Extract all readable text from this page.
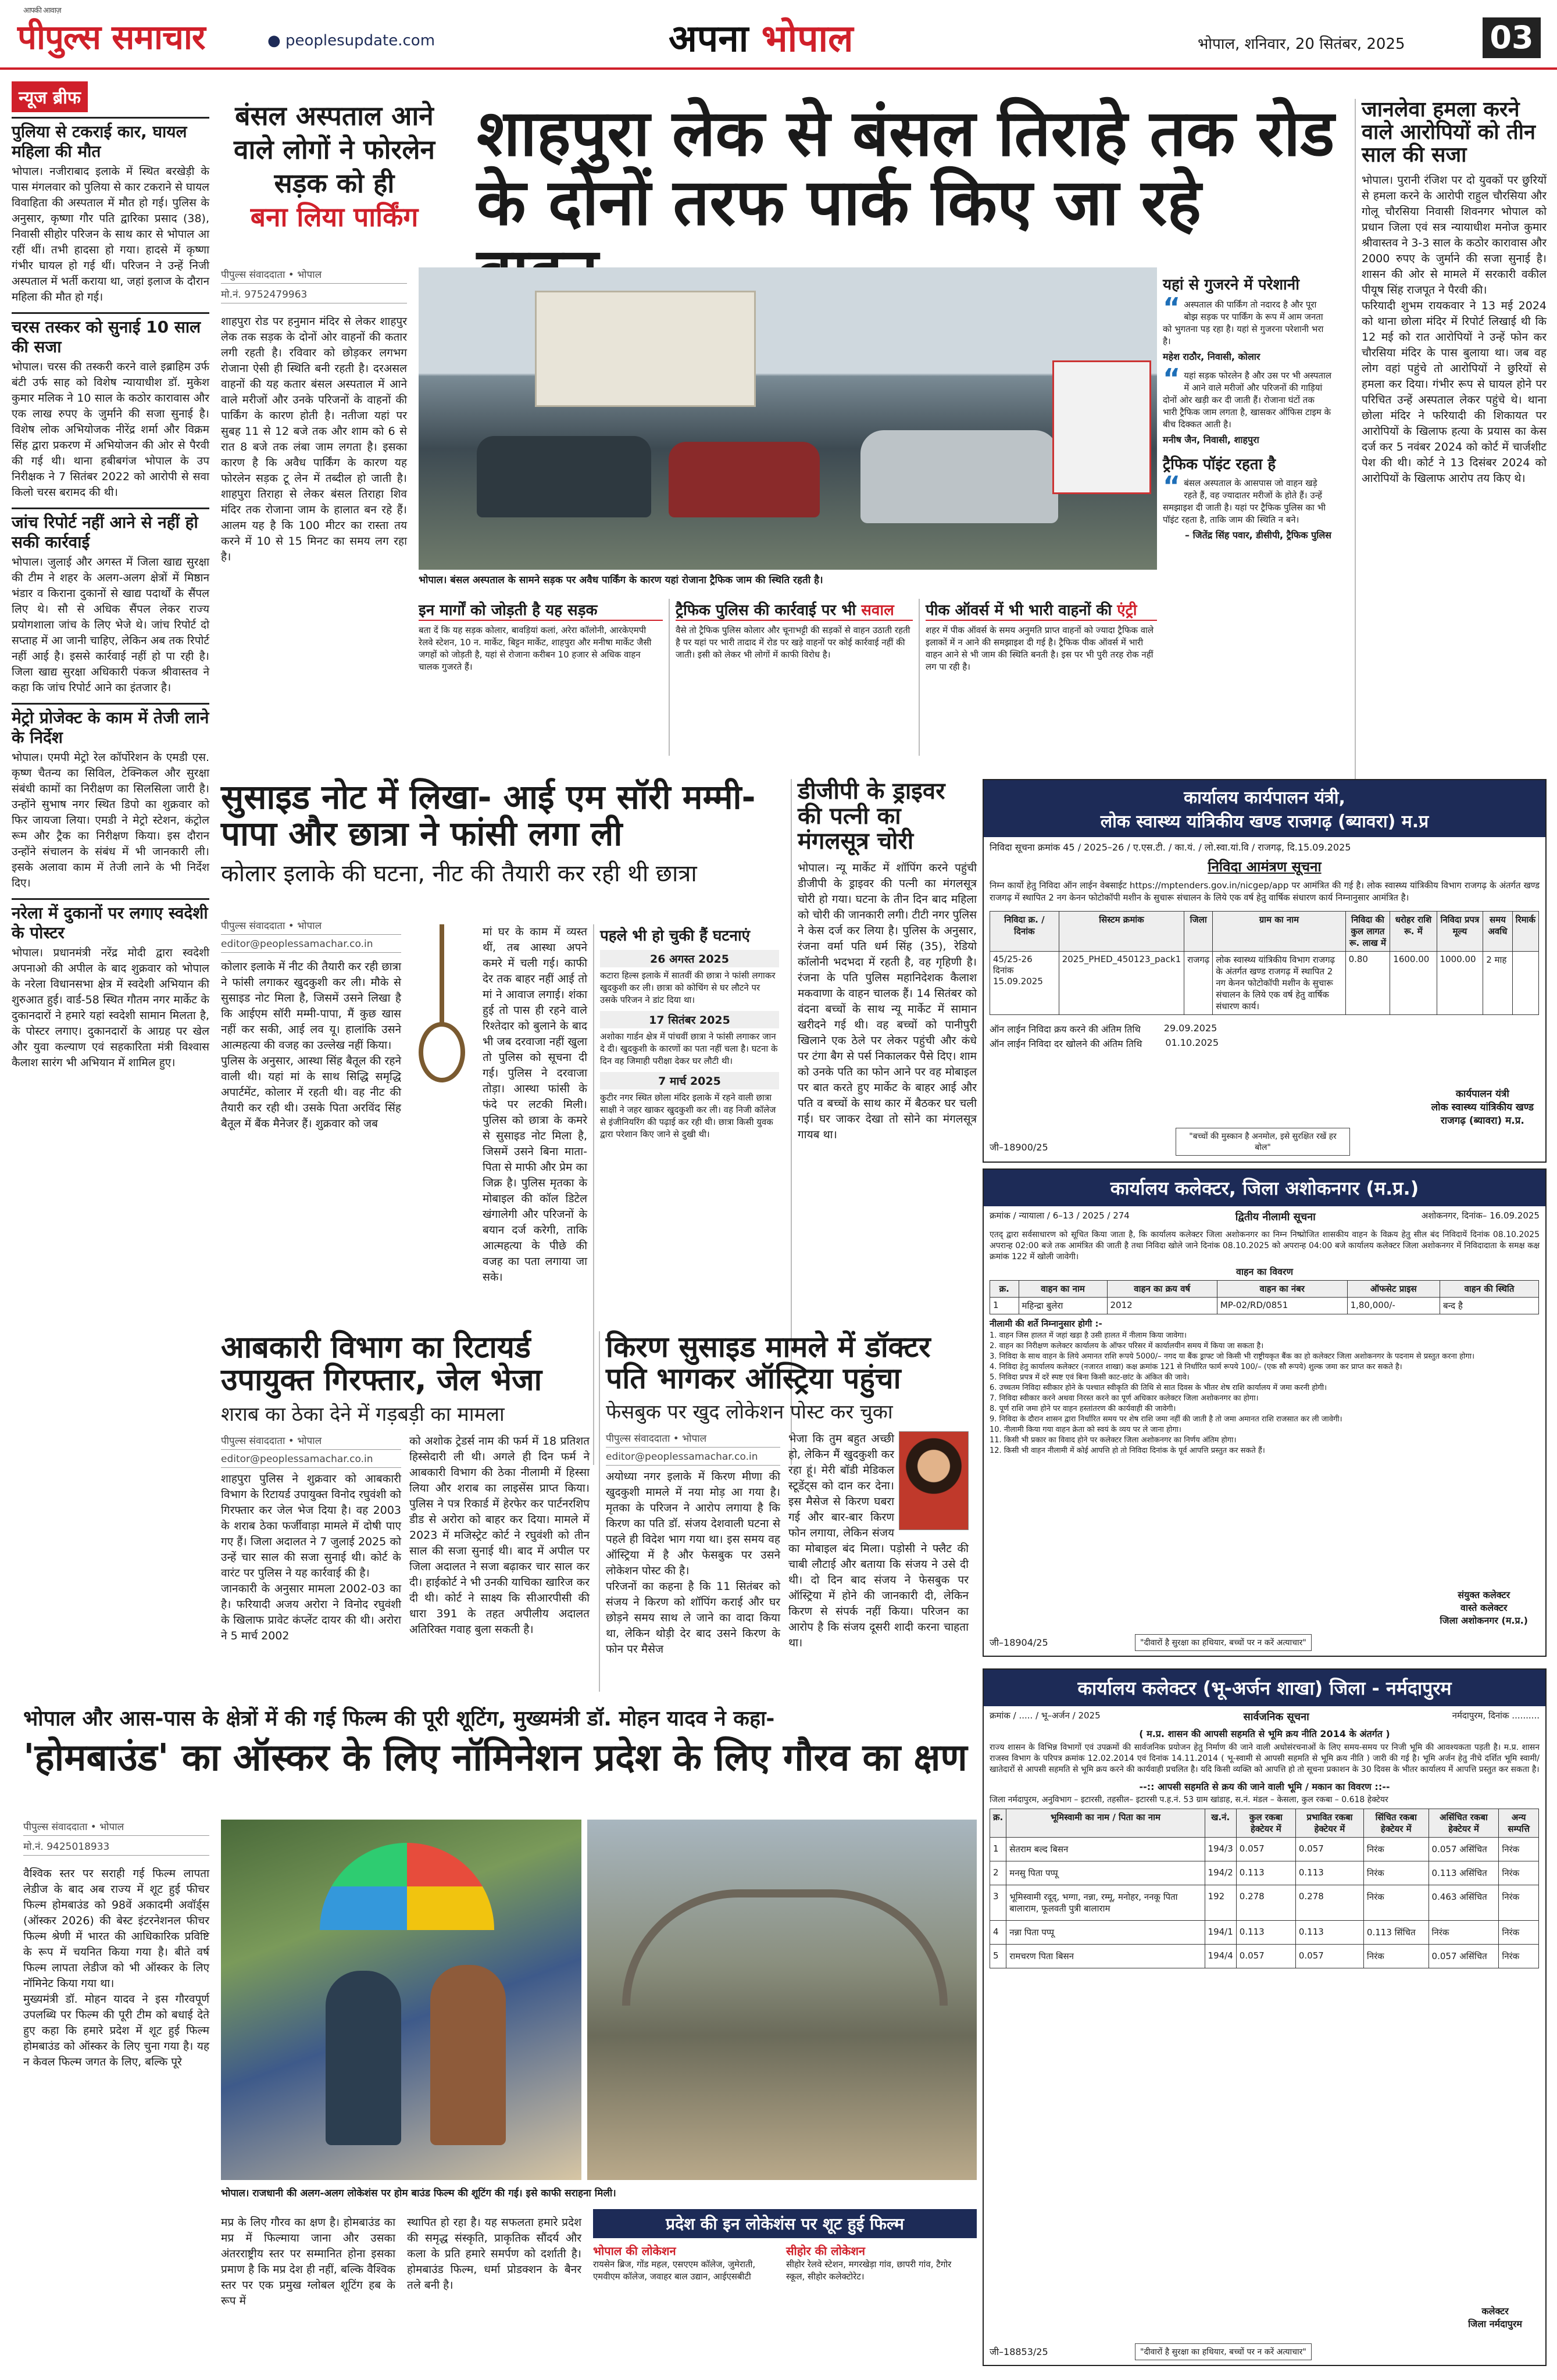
आपकी आवाज़
पीपुल्स समाचार	● peoplesupdate.com	अपना भोपाल	भोपाल, शनिवार, 20 सितंबर, 2025	03
न्यूज ब्रीफ
पुलिया से टकराई कार, घायल महिला की मौत
भोपाल। नजीराबाद इलाके में स्थित बरखेड़ी के पास मंगलवार को पुलिया से कार टकराने से घायल विवाहिता की अस्पताल में मौत हो गई। पुलिस के अनुसार, कृष्णा गौर पति द्वारिका प्रसाद (38), निवासी सीहोर परिजन के साथ कार से भोपाल आ रहीं थीं। तभी हादसा हो गया। हादसे में कृष्णा गंभीर घायल हो गई थीं। परिजन ने उन्हें निजी अस्पताल में भर्ती कराया था, जहां इलाज के दौरान महिला की मौत हो गई।
चरस तस्कर को सुनाई 10 साल की सजा
भोपाल। चरस की तस्करी करने वाले इब्राहिम उर्फ बंटी उर्फ साह को विशेष न्यायाधीश डॉ. मुकेश कुमार मलिक ने 10 साल के कठोर कारावास और एक लाख रुपए के जुर्माने की सजा सुनाई है। विशेष लोक अभियोजक नीरेंद्र शर्मा और विक्रम सिंह द्वारा प्रकरण में अभियोजन की ओर से पैरवी की गई थी। थाना हबीबगंज भोपाल के उप निरीक्षक ने 7 सितंबर 2022 को आरोपी से सवा किलो चरस बरामद की थी।
जांच रिपोर्ट नहीं आने से नहीं हो सकी कार्रवाई
भोपाल। जुलाई और अगस्त में जिला खाद्य सुरक्षा की टीम ने शहर के अलग-अलग क्षेत्रों में मिष्ठान भंडार व किराना दुकानों से खाद्य पदार्थों के सैंपल लिए थे। सौ से अधिक सैंपल लेकर राज्य प्रयोगशाला जांच के लिए भेजे थे। जांच रिपोर्ट दो सप्ताह में आ जानी चाहिए, लेकिन अब तक रिपोर्ट नहीं आई है। इससे कार्रवाई नहीं हो पा रही है। जिला खाद्य सुरक्षा अधिकारी पंकज श्रीवास्तव ने कहा कि जांच रिपोर्ट आने का इंतजार है।
मेट्रो प्रोजेक्ट के काम में तेजी लाने के निर्देश
भोपाल। एमपी मेट्रो रेल कॉर्पोरेशन के एमडी एस. कृष्ण चैतन्य का सिविल, टेक्निकल और सुरक्षा संबंधी कामों का निरीक्षण का सिलसिला जारी है। उन्होंने सुभाष नगर स्थित डिपो का शुक्रवार को फिर जायजा लिया। एमडी ने मेट्रो स्टेशन, कंट्रोल रूम और ट्रैक का निरीक्षण किया। इस दौरान उन्होंने संचालन के संबंध में भी जानकारी ली। इसके अलावा काम में तेजी लाने के भी निर्देश दिए।
नरेला में दुकानों पर लगाए स्वदेशी के पोस्टर
भोपाल। प्रधानमंत्री नरेंद्र मोदी द्वारा स्वदेशी अपनाओ की अपील के बाद शुक्रवार को भोपाल के नरेला विधानसभा क्षेत्र में स्वदेशी अभियान की शुरुआत हुई। वार्ड-58 स्थित गौतम नगर मार्केट के दुकानदारों ने हमारे यहां स्वदेशी सामान मिलता है, के पोस्टर लगाए। दुकानदारों के आग्रह पर खेल और युवा कल्याण एवं सहकारिता मंत्री विश्वास कैलाश सारंग भी अभियान में शामिल हुए।
बंसल अस्पताल आने वाले लोगों ने फोरलेन सड़क को ही
बना लिया पार्किंग
शाहपुरा लेक से बंसल तिराहे तक रोड के दोनों तरफ पार्क किए जा रहे
पीपुल्स संवाददाता • भोपाल
मो.नं. 9752479963
शाहपुरा रोड पर हनुमान मंदिर से लेकर शाहपुर लेक तक सड़क के दोनों ओर वाहनों की कतार लगी रहती है। रविवार को छोड़कर लगभग रोजाना ऐसी ही स्थिति बनी रहती है। दरअसल वाहनों की यह कतार बंसल अस्पताल में आने वाले मरीजों और उनके परिजनों के वाहनों की पार्किंग के कारण होती है। नतीजा यहां पर सुबह 11 से 12 बजे तक और शाम को 6 से रात 8 बजे तक लंबा जाम लगता है। इसका कारण है कि अवैध पार्किंग के कारण यह फोरलेन सड़क टू लेन में तब्दील हो जाती है। शाहपुरा तिराहा से लेकर बंसल तिराहा शिव मंदिर तक रोजाना जाम के हालात बन रहे हैं। आलम यह है कि 100 मीटर का रास्ता तय करने में 10 से 15 मिनट का समय लग रहा है।
भोपाल। बंसल अस्पताल के सामने सड़क पर अवैध पार्किंग के कारण यहां रोजाना ट्रैफिक जाम की स्थिति रहती है।
यहां से गुजरने में परेशानी
“ अस्पताल की पार्किंग तो नदारद है और पूरा बोझ सड़क पर पार्किंग के रूप में आम जनता को भुगतना पड़ रहा है। यहां से गुजरना परेशानी भरा है।
महेश राठौर, निवासी, कोलार
“ यहां सड़क फोरलेन है और उस पर भी अस्पताल में आने वाले मरीजों और परिजनों की गाड़ियां दोनों ओर खड़ी कर दी जाती हैं। रोजाना घंटों तक भारी ट्रैफिक जाम लगता है, खासकर ऑफिस टाइम के बीच दिक्कत आती है।
मनीष जैन, निवासी, शाहपुरा
ट्रैफिक पॉइंट रहता है
“ बंसल अस्पताल के आसपास जो वाहन खड़े रहते हैं, वह ज्यादातर मरीजों के होते हैं। उन्हें समझाइश दी जाती है। यहां पर ट्रैफिक पुलिस का भी पॉइंट रहता है, ताकि जाम की स्थिति न बने।
– जितेंद्र सिंह पवार, डीसीपी, ट्रैफिक पुलिस
इन मार्गों को जोड़ती है यह सड़क
बता दें कि यह सड़क कोलार, बावड़ियां कलां, अरेरा कॉलोनी, आरकेएमपी रेलवे स्टेशन, 10 न. मार्केट, बिट्टन मार्केट, शाहपुरा और मनीषा मार्केट जैसी जगहों को जोड़ती है, यहां से रोजाना करीबन 10 हजार से अधिक वाहन चालक गुजरते हैं।
ट्रैफिक पुलिस की कार्रवाई पर भी सवाल
वैसे तो ट्रैफिक पुलिस कोलार और चूनाभट्टी की सड़कों से वाहन उठाती रहती है पर यहां पर भारी तादाद में रोड पर खड़े वाहनों पर कोई कार्रवाई नहीं की जाती। इसी को लेकर भी लोगों में काफी विरोध है।
पीक ऑवर्स में भी भारी वाहनों की एंट्री
शहर में पीक ऑवर्स के समय अनुमति प्राप्त वाहनों को ज्यादा ट्रैफिक वाले इलाकों में न आने की समझाइश दी गई है। ट्रैफिक पीक ऑवर्स में भारी वाहन आने से भी जाम की स्थिति बनती है। इस पर भी पुरी तरह रोक नहीं लग पा रही है।
जानलेवा हमला करने वाले आरोपियों को तीन साल की सजा
भोपाल। पुरानी रंजिश पर दो युवकों पर छुरियों से हमला करने के आरोपी राहुल चौरसिया और गोलू चौरसिया निवासी शिवनगर भोपाल को प्रधान जिला एवं सत्र न्यायाधीश मनोज कुमार श्रीवास्तव ने 3-3 साल के कठोर कारावास और 2000 रुपए के जुर्माने की सजा सुनाई है। शासन की ओर से मामले में सरकारी वकील पीयूष सिंह राजपूत ने पैरवी की।
फरियादी शुभम रायकवार ने 13 मई 2024 को थाना छोला मंदिर में रिपोर्ट लिखाई थी कि 12 मई को रात आरोपियों ने उन्हें फोन कर चौरसिया मंदिर के पास बुलाया था। जब वह लोग वहां पहुंचे तो आरोपियों ने छुरियों से हमला कर दिया। गंभीर रूप से घायल होने पर परिचित उन्हें अस्पताल लेकर पहुंचे थे। थाना छोला मंदिर ने फरियादी की शिकायत पर आरोपियों के खिलाफ हत्या के प्रयास का केस दर्ज कर 5 नवंबर 2024 को कोर्ट में चार्जशीट पेश की थी। कोर्ट ने 13 दिसंबर 2024 को आरोपियों के खिलाफ आरोप तय किए थे।
सुसाइड नोट में लिखा- आई एम सॉरी मम्मी-पापा और छात्रा ने फांसी लगा ली
कोलार इलाके की घटना, नीट की तैयारी कर रही थी छात्रा
पीपुल्स संवाददाता • भोपाल
editor@peoplessamachar.co.in
कोलार इलाके में नीट की तैयारी कर रही छात्रा ने फांसी लगाकर खुदकुशी कर ली। मौके से सुसाइड नोट मिला है, जिसमें उसने लिखा है कि आईएम सॉरी मम्मी-पापा, मैं कुछ खास नहीं कर सकी, आई लव यू। हालांकि उसने आत्महत्या की वजह का उल्लेख नहीं किया।
पुलिस के अनुसार, आस्था सिंह बैतूल की रहने वाली थी। यहां मां के साथ सिद्धि समृद्धि अपार्टमेंट, कोलार में रहती थी। वह नीट की तैयारी कर रही थी। उसके पिता अरविंद सिंह बैतूल में बैंक मैनेजर हैं। शुक्रवार को जब
मां घर के काम में व्यस्त थीं, तब आस्था अपने कमरे में चली गई। काफी देर तक बाहर नहीं आई तो मां ने आवाज लगाई। शंका हुई तो पास ही रहने वाले रिश्तेदार को बुलाने के बाद भी जब दरवाजा नहीं खुला तो पुलिस को सूचना दी गई। पुलिस ने दरवाजा तोड़ा। आस्था फांसी के फंदे पर लटकी मिली। पुलिस को छात्रा के कमरे से सुसाइड नोट मिला है, जिसमें उसने बिना माता-पिता से माफी और प्रेम का जिक्र है। पुलिस मृतका के मोबाइल की कॉल डिटेल खंगालेगी और परिजनों के बयान दर्ज करेगी, ताकि आत्महत्या के पीछे की वजह का पता लगाया जा सके।
पहले भी हो चुकी हैं घटनाएं
26 अगस्त 2025
कटारा हिल्स इलाके में सातवीं की छात्रा ने फांसी लगाकर खुदकुशी कर ली। छात्रा को कोचिंग से घर लौटने पर उसके परिजन ने डांट दिया था।
17 सितंबर 2025
अशोका गार्डन क्षेत्र में पांचवीं छात्रा ने फांसी लगाकर जान दे दी। खुदकुशी के कारणों का पता नहीं चला है। घटना के दिन वह जिमाही परीक्षा देकर घर लौटी थी।
7 मार्च 2025
कुटीर नगर स्थित छोला मंदिर इलाके में रहने वाली छात्रा साक्षी ने जहर खाकर खुदकुशी कर ली। वह निजी कॉलेज से इंजीनियरिंग की पढ़ाई कर रही थी। छात्रा किसी युवक द्वारा परेशान किए जाने से दुखी थी।
डीजीपी के ड्राइवर की पत्नी का मंगलसूत्र चोरी
भोपाल। न्यू मार्केट में शॉपिंग करने पहुंची डीजीपी के ड्राइवर की पत्नी का मंगलसूत्र चोरी हो गया। घटना के तीन दिन बाद महिला को चोरी की जानकारी लगी। टीटी नगर पुलिस ने केस दर्ज कर लिया है। पुलिस के अनुसार, रंजना वर्मा पति धर्म सिंह (35), रेडियो कॉलोनी भदभदा में रहती है, वह गृहिणी है। रंजना के पति पुलिस महानिदेशक कैलाश मकवाणा के वाहन चालक हैं। 14 सितंबर को वंदना बच्चों के साथ न्यू मार्केट में सामान खरीदने गई थी। वह बच्चों को पानीपुरी खिलाने एक ठेले पर लेकर पहुंची और कंधे पर टंगा बैग से पर्स निकालकर पैसे दिए। शाम को उनके पति का फोन आने पर वह मोबाइल पर बात करते हुए मार्केट के बाहर आई और पति व बच्चों के साथ कार में बैठकर घर चली गई। घर जाकर देखा तो सोने का मंगलसूत्र गायब था।
कार्यालय कार्यपालन यंत्री,
लोक स्वास्थ्य यांत्रिकीय खण्ड राजगढ़ (ब्यावरा) म.प्र
निविदा सूचना क्रमांक 45 / 2025–26 / ए.एस.टी. / का.यं. / लो.स्वा.यां.वि / राजगढ़, दि.15.09.2025
निविदा आमंत्रण सूचना
निम्न कार्यो हेतु निविदा ऑन लाईन वेबसाईट https://mptenders.gov.in/nicgep/app पर आमंत्रित की गई है। लोक स्वास्थ्य यांत्रिकीय विभाग राजगढ़ के अंतर्गत खण्ड राजगढ़ में स्थापित 2 नग केनन फोटोकॉपी मशीन के सुचारू संचालन के लिये एक वर्ष हेतु वार्षिक संधारण कार्य निम्नानुसार आमंत्रित है।
निविदा क्र. / दिनांक	सिस्टम क्रमांक	जिला	ग्राम का नाम	निविदा की कुल लागत रू. लाख में	धरोहर राशि रू. में	निविदा प्रपत्र मूल्य	समय अवधि	रिमार्क
45/25-26 दिनांक 15.09.2025	2025_PHED_450123_pack1	राजगढ़	लोक स्वास्थ्य यांत्रिकीय विभाग राजगढ़ के अंतर्गत खण्ड राजगढ़ में स्थापित 2 नग केनन फोटोकॉपी मशीन के सुचारू संचालन के लिये एक वर्ष हेतु वार्षिक संधारण कार्य।	0.80	1600.00	1000.00	2 माह	
ऑन लाईन निविदा क्रय करने की अंतिम तिथि	29.09.2025
ऑन लाईन निविदा दर खोलने की अंतिम तिथि	01.10.2025
कार्यपालन यंत्री
लोक स्वास्थ्य यांत्रिकीय खण्ड
राजगढ़ (ब्यावरा) म.प्र.
जी–18900/25
"बच्चों की मुस्कान है अनमोल, इसे सुरक्षित रखें हर बोल"
कार्यालय कलेक्टर, जिला अशोकनगर (म.प्र.)
क्रमांक / न्यायाला / 6–13 / 2025 / 274	द्वितीय नीलामी सूचना	अशोकनगर, दिनांक– 16.09.2025
एतद् द्वारा सर्वसाधारण को सूचित किया जाता है, कि कार्यालय कलेक्टर जिला अशोकनगर का निम्न निष्प्रोजित शासकीय वाहन के विक्रय हेतु सील बंद निविदायें दिनांक 08.10.2025 अपरान्ह 02:00 बजे तक आमंत्रित की जाती है तथा निविदा खोले जाने दिनांक 08.10.2025 को अपरान्ह 04:00 बजे कार्यालय कलेक्टर जिला अशोकनगर में निविदादाता के समक्ष कक्ष क्रमांक 122 में खोली जावेगी।
वाहन का विवरण
क्र.	वाहन का नाम	वाहन का क्रय वर्ष	वाहन का नंबर	ऑफसेट प्राइस	वाहन की स्थिति
1	महिन्द्रा बुलेरा	2012	MP-02/RD/0851	1,80,000/-	बन्द है
नीलामी की शर्ते निम्नानुसार होगी :-
1. वाहन जिस हालत में जहां खड़ा है उसी हालत में नीलाम किया जावेगा।
2. वाहन का निरीक्षण कलेक्टर कार्यालय के ऑफर परिसर में कार्यालयीन समय में किया जा सकता है।
3. निविदा के साथ वाहन के लिये अमानत राशि रूपये 5000/– नगद या बैंक ड्राफ्ट जो किसी भी राष्ट्रीयकृत बैंक का हो कलेक्टर जिला अशोकनगर के पदनाम से प्रस्तुत करना होगा।
4. निविदा हेतु कार्यालय कलेक्टर (नजारत शाखा) कक्ष क्रमांक 121 से निर्धारित फार्म रूपये 100/– (एक सौ रूपये) शुल्क जमा कर प्राप्त कर सकते है।
5. निविदा प्रपत्र में दरें स्पष्ट एवं बिना किसी काट-छांट के अंकित की जावे।
6. उच्चतम निविदा स्वीकार होने के पश्चात स्वीकृति की तिथि से सात दिवस के भीतर शेष राशि कार्यालय में जमा करनी होगी।
7. निविदा स्वीकार करने अथवा निरस्त करने का पूर्ण अधिकार कलेक्टर जिला अशोकनगर का होगा।
8. पूर्ण राशि जमा होने पर वाहन हस्तांतरण की कार्यवाही की जावेगी।
9. निविदा के दौरान शासन द्वारा निर्धारित समय पर शेष राशि जमा नहीं की जाती है तो जमा अमानत राशि राजसात कर ली जावेगी।
10. नीलामी किया गया वाहन क्रेता को स्वयं के व्यय पर ले जाना होगा।
11. किसी भी प्रकार का विवाद होने पर कलेक्टर जिला अशोकनगर का निर्णय अंतिम होगा।
12. किसी भी वाहन नीलामी में कोई आपत्ति हो तो निविदा दिनांक के पूर्व आपत्ति प्रस्तुत कर सकते हैं।
संयुक्त कलेक्टर
वास्ते कलेक्टर
जिला अशोकनगर (म.प्र.)
जी–18904/25	"दीवारों है सुरक्षा का हथियार, बच्चों पर न करें अत्याचार"
आबकारी विभाग का रिटायर्ड उपायुक्त गिरफ्तार, जेल भेजा
शराब का ठेका देने में गड़बड़ी का मामला
पीपुल्स संवाददाता • भोपाल
editor@peoplessamachar.co.in
शाहपुरा पुलिस ने शुक्रवार को आबकारी विभाग के रिटायर्ड उपायुक्त विनोद रघुवंशी को गिरफ्तार कर जेल भेज दिया है। वह 2003 के शराब ठेका फर्जीवाड़ा मामले में दोषी पाए गए हैं। जिला अदालत ने 7 जुलाई 2025 को उन्हें चार साल की सजा सुनाई थी। कोर्ट के वारंट पर पुलिस ने यह कार्रवाई की है।
जानकारी के अनुसार मामला 2002-03 का है। फरियादी अजय अरोरा ने विनोद रघुवंशी के खिलाफ प्रावेट कंप्लेंट दायर की थी। अरोरा ने 5 मार्च 2002
को अशोक ट्रेडर्स नाम की फर्म में 18 प्रतिशत हिस्सेदारी ली थी। अगले ही दिन फर्म ने आबकारी विभाग की ठेका नीलामी में हिस्सा लिया और शराब का लाइसेंस प्राप्त किया। पुलिस ने पत्र रिकार्ड में हेरफेर कर पार्टनरशिप डीड से अरोरा को बाहर कर दिया। मामले में 2023 में मजिस्ट्रेट कोर्ट ने रघुवंशी को तीन साल की सजा सुनाई थी। बाद में अपील पर जिला अदालत ने सजा बढ़ाकर चार साल कर दी। हाईकोर्ट ने भी उनकी याचिका खारिज कर दी थी। कोर्ट ने साक्ष्य कि सीआरपीसी की धारा 391 के तहत अपीलीय अदालत अतिरिक्त गवाह बुला सकती है।
किरण सुसाइड मामले में डॉक्टर पति भागकर ऑस्ट्रिया पहुंचा
फेसबुक पर खुद लोकेशन पोस्ट कर चुका
पीपुल्स संवाददाता • भोपाल
editor@peoplessamachar.co.in
अयोध्या नगर इलाके में किरण मीणा की खुदकुशी मामले में नया मोड़ आ गया है। मृतका के परिजन ने आरोप लगाया है कि किरण का पति डॉ. संजय देशवाली घटना से पहले ही विदेश भाग गया था। इस समय वह ऑस्ट्रिया में है और फेसबुक पर उसने लोकेशन पोस्ट की है।
परिजनों का कहना है कि 11 सितंबर को संजय ने किरण को शॉपिंग कराई और घर छोड़ने समय साथ ले जाने का वादा किया था, लेकिन थोड़ी देर बाद उसने किरण के फोन पर मैसेज
भेजा कि तुम बहुत अच्छी हो, लेकिन मैं खुदकुशी कर रहा हूं। मेरी बॉडी मेडिकल स्टूडेंट्स को दान कर देना। इस मैसेज से किरण घबरा गई और बार-बार किरण फोन लगाया, लेकिन संजय का मोबाइल बंद मिला। पड़ोसी ने फ्लैट की चाबी लौटाई और बताया कि संजय ने उसे दी थी। दो दिन बाद संजय ने फेसबुक पर ऑस्ट्रिया में होने की जानकारी दी, लेकिन किरण से संपर्क नहीं किया। परिजन का आरोप है कि संजय दूसरी शादी करना चाहता था।
भोपाल और आस-पास के क्षेत्रों में की गई फिल्म की पूरी शूटिंग, मुख्यमंत्री डॉ. मोहन यादव ने कहा-
'होमबाउंड' का ऑस्कर के लिए नॉमिनेशन प्रदेश के लिए गौरव का क्षण
पीपुल्स संवाददाता • भोपाल
मो.नं. 9425018933
वैश्विक स्तर पर सराही गई फिल्म लापता लेडीज के बाद अब राज्य में शूट हुई फीचर फिल्म होमबाउंड को 98वें अकादमी अवॉर्ड्स (ऑस्कर 2026) की बेस्ट इंटरनेशनल फीचर फिल्म श्रेणी में भारत की आधिकारिक प्रविष्टि के रूप में चयनित किया गया है। बीते वर्ष फिल्म लापता लेडीज को भी ऑस्कर के लिए नॉमिनेट किया गया था।
मुख्यमंत्री डॉ. मोहन यादव ने इस गौरवपूर्ण उपलब्धि पर फिल्म की पूरी टीम को बधाई देते हुए कहा कि हमारे प्रदेश में शूट हुई फिल्म होमबाउंड को ऑस्कर के लिए चुना गया है। यह न केवल फिल्म जगत के लिए, बल्कि पूरे
भोपाल। राजधानी की अलग-अलग लोकेशंस पर होम बाउंड फिल्म की शूटिंग की गई। इसे काफी सराहना मिली।
मप्र के लिए गौरव का क्षण है। होमबाउंड का मप्र में फिल्माया जाना और उसका अंतरराष्ट्रीय स्तर पर सम्मानित होना इसका प्रमाण है कि मप्र देश ही नहीं, बल्कि वैश्विक स्तर पर एक प्रमुख ग्लोबल शूटिंग हब के रूप में
स्थापित हो रहा है। यह सफलता हमारे प्रदेश की समृद्ध संस्कृति, प्राकृतिक सौंदर्य और कला के प्रति हमारे समर्पण को दर्शाती है। होमबाउंड फिल्म, धर्मा प्रोडक्शन के बैनर तले बनी है।
प्रदेश की इन लोकेशंस पर शूट हुई फिल्म
भोपाल की लोकेशन
रायसेन ब्रिज, गोंड महल, एसएएम कॉलेज, जुमेराती, एमवीएम कॉलेज, जवाहर बाल उद्यान, आईएसबीटी
सीहोर की लोकेशन
सीहोर रेलवे स्टेशन, मगरखेड़ा गांव, छापरी गांव, टैगोर स्कूल, सीहोर कलेक्टोरेट।
कार्यालय कलेक्टर (भू-अर्जन शाखा) जिला - नर्मदापुरम
क्रमांक / ..... / भू–अर्जन / 2025	सार्वजनिक सूचना	नर्मदापुरम, दिनांक ..........
( म.प्र. शासन की आपसी सहमति से भूमि क्रय नीति 2014 के अंतर्गत )
राज्य शासन के विभिन्न विभागों एवं उपक्रमों की सार्वजनिक प्रयोजन हेतु निर्माण की जाने वाली अधोसंरचनाओं के लिए समय-समय पर निजी भूमि की आवश्यकता पड़ती है। म.प्र. शासन राजस्व विभाग के परिपत्र क्रमांक 12.02.2014 एवं दिनांक 14.11.2014 ( भू-स्वामी से आपसी सहमति से भूमि क्रय नीति ) जारी की गई है। भूमि अर्जन हेतु नीचे दर्शित भूमि स्वामी/खातेदारों से आपसी सहमति से भूमि क्रय करने की कार्यवाही प्रचलित है। यदि किसी व्यक्ति को आपत्ति हो तो सूचना प्रकाशन के 30 दिवस के भीतर कार्यालय में आपत्ति प्रस्तुत कर सकता है।
--:: आपसी सहमति से क्रय की जाने वाली भूमि / मकान का विवरण ::--
जिला नर्मदापुरम, अनुविभाग – इटारसी, तहसील– इटारसी प.ह.नं. 53 ग्राम खांडाह, स.नं. मंडल – केसला, कुल रकबा – 0.618 हेक्टेयर
क्र.	भूमिस्वामी का नाम / पिता का नाम	ख.नं.	कुल रकबा हेक्टेयर में	प्रभावित रकबा हेक्टेयर में	सिंचित रकबा हेक्टेयर में	असिंचित रकबा हेक्टेयर में	अन्य सम्पत्ति
1	सेतराम बल्द बिसन	194/3	0.057	0.057	निरंक	0.057 असिंचित	निरंक
2	मनसु पिता पप्पू	194/2	0.113	0.113	निरंक	0.113 असिंचित	निरंक
3	भूमिस्वामी रदूद्, भग्गा, नन्ना, रम्मू, मनोहर, ननकू पिता बालाराम, फूलवती पुत्री बालाराम	192	0.278	0.278	निरंक	0.463 असिंचित	निरंक
4	नन्ना पिता पप्पू	194/1	0.113	0.113	0.113 सिंचित	निरंक	निरंक
5	रामचरण पिता बिसन	194/4	0.057	0.057	निरंक	0.057 असिंचित	निरंक
कलेक्टर
जिला नर्मदापुरम
जी–18853/25	"दीवारों है सुरक्षा का हथियार, बच्चों पर न करें अत्याचार"
